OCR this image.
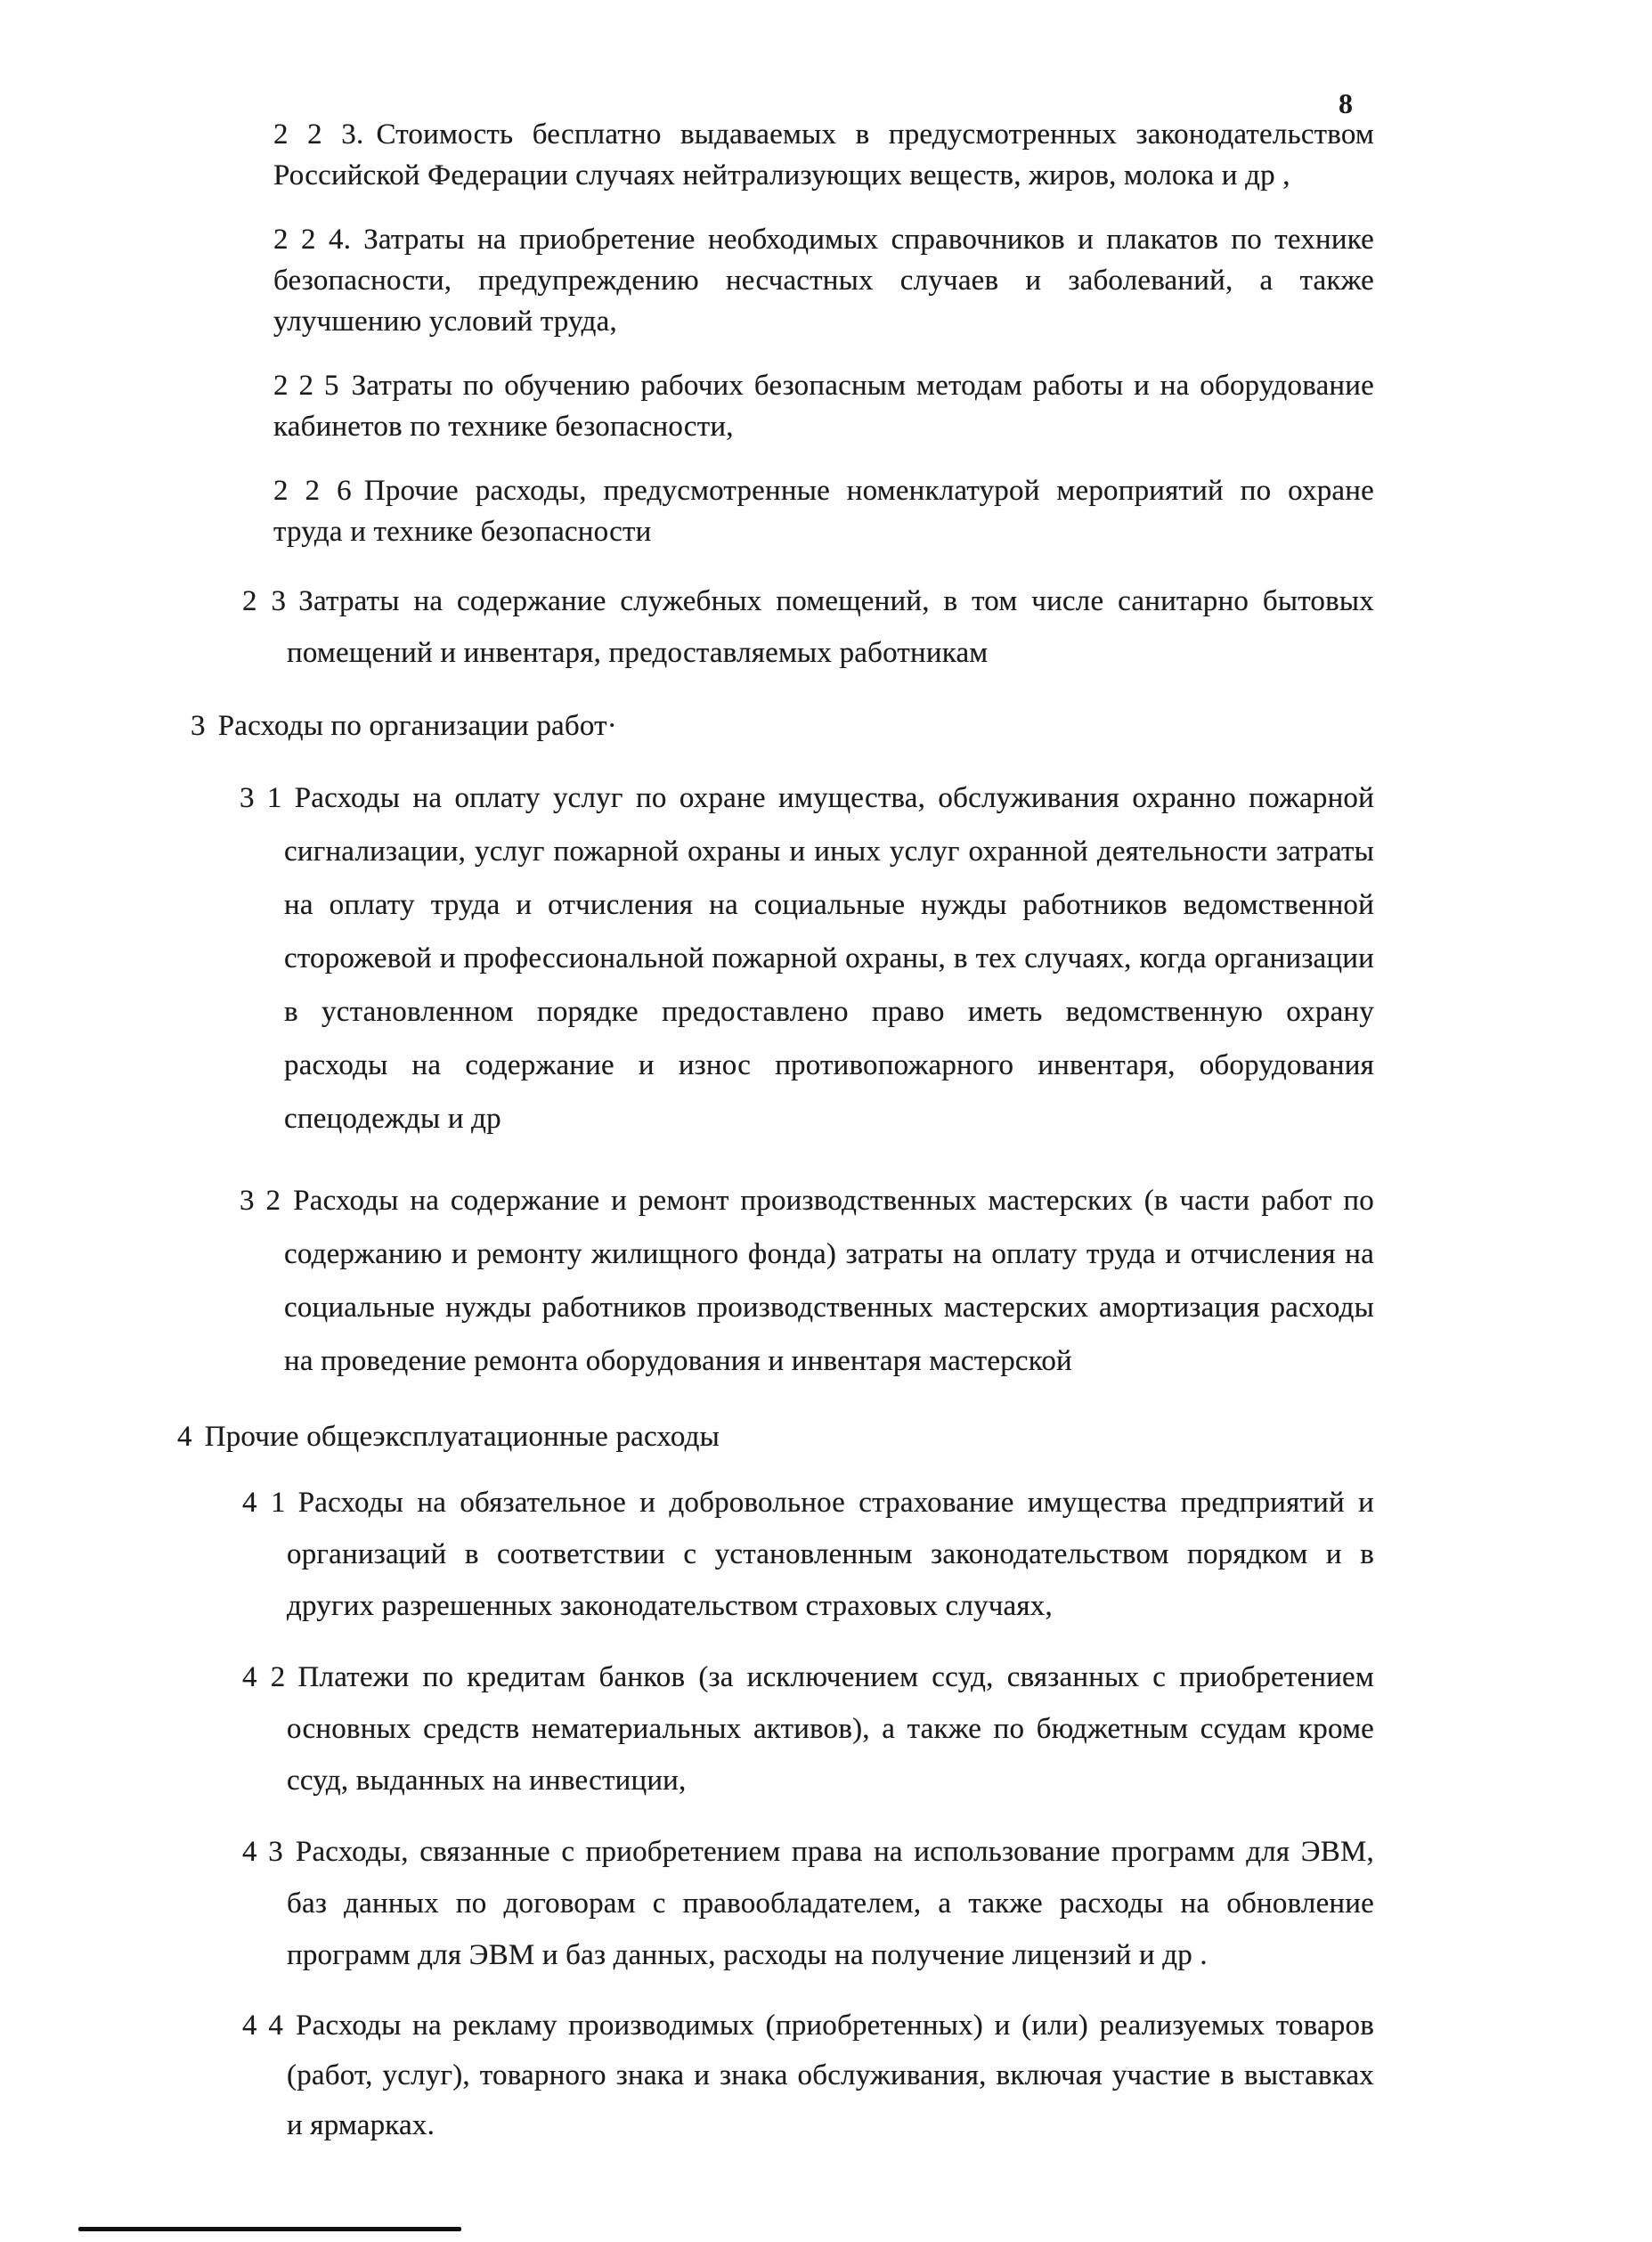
8

2 2 3. Стоимость бесплатно выдаваемых в предусмотренных законодательством Российской Федерации случаях нейтрализующих веществ, жиров, молока и др ,

2 2 4. Затраты на приобретение необходимых справочников и плакатов по технике безопасности, предупреждению несчастных случаев и заболеваний, а также улучшению условий труда,

2 2 5 Затраты по обучению рабочих безопасным методам работы и на оборудование кабинетов по технике безопасности,

2 2 6 Прочие расходы, предусмотренные номенклатурой мероприятий по охране труда и технике безопасности

2 3 Затраты на содержание служебных помещений, в том числе санитарно бытовых помещений и инвентаря, предоставляемых работникам

3 Расходы по организации работ·

3 1 Расходы на оплату услуг по охране имущества, обслуживания охранно пожарной сигнализации, услуг пожарной охраны и иных услуг охранной деятельности затраты на оплату труда и отчисления на социальные нужды работников ведомственной сторожевой и профессиональной пожарной охраны, в тех случаях, когда организации в установленном порядке предоставлено право иметь ведомственную охрану расходы на содержание и износ противопожарного инвентаря, оборудования спецодежды и др

3 2 Расходы на содержание и ремонт производственных мастерских (в части работ по содержанию и ремонту жилищного фонда) затраты на оплату труда и отчисления на социальные нужды работников производственных мастерских амортизация расходы на проведение ремонта оборудования и инвентаря мастерской

4 Прочие общеэксплуатационные расходы

4 1 Расходы на обязательное и добровольное страхование имущества предприятий и организаций в соответствии с установленным законодательством порядком и в других разрешенных законодательством страховых случаях,

4 2 Платежи по кредитам банков (за исключением ссуд, связанных с приобретением основных средств нематериальных активов), а также по бюджетным ссудам кроме ссуд, выданных на инвестиции,

4 3 Расходы, связанные с приобретением права на использование программ для ЭВМ, баз данных по договорам с правообладателем, а также расходы на обновление программ для ЭВМ и баз данных, расходы на получение лицензий и др .

4 4 Расходы на рекламу производимых (приобретенных) и (или) реализуемых товаров (работ, услуг), товарного знака и знака обслуживания, включая участие в выставках и ярмарках.
